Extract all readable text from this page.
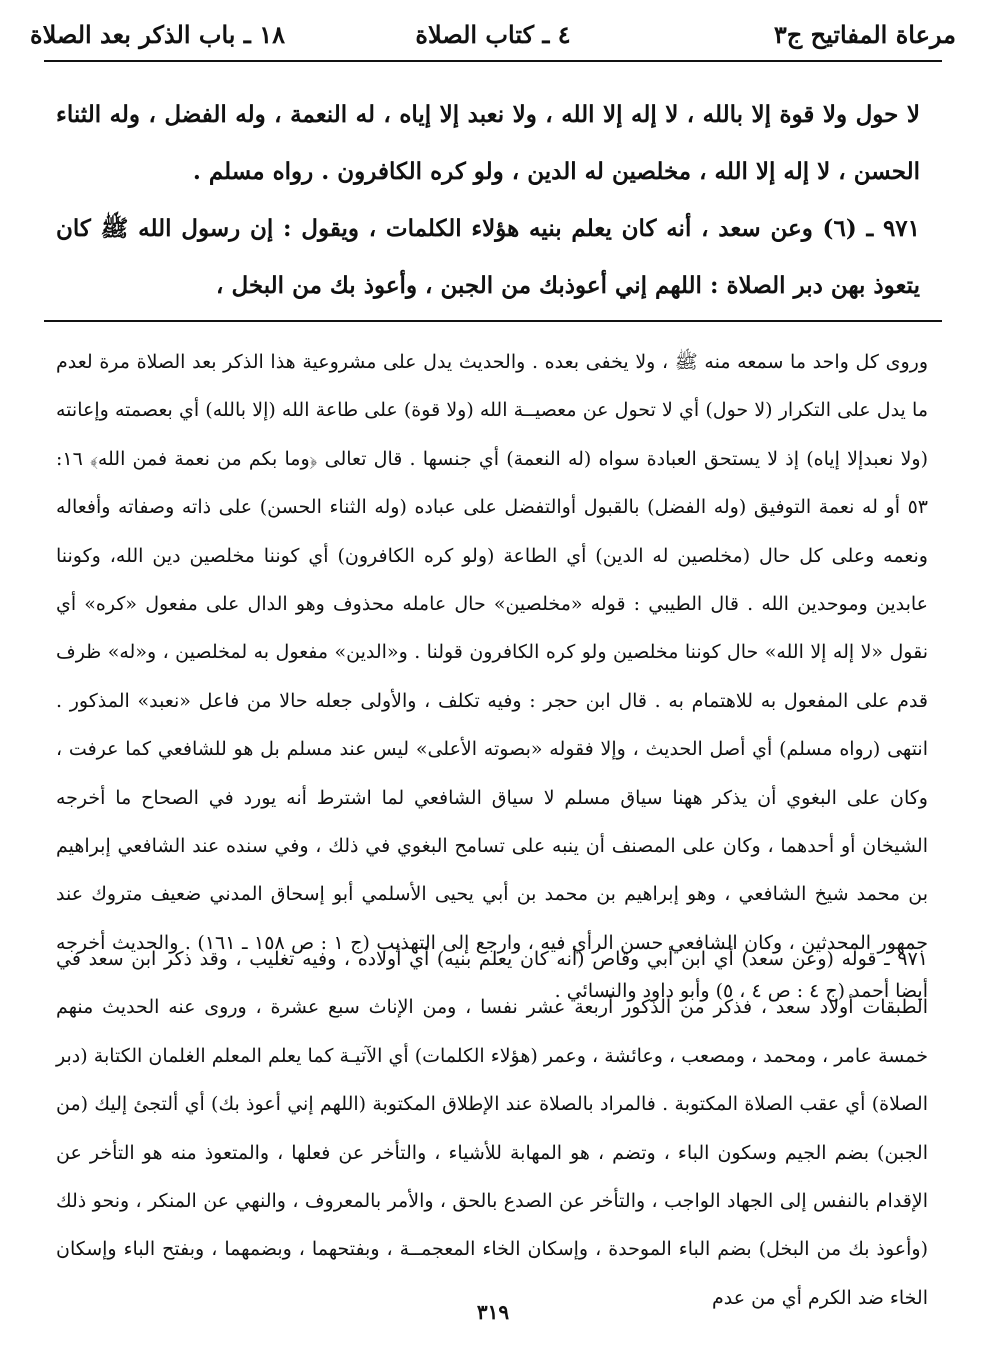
مرعاة المفاتيح ج٣
٤ ـ كتاب الصلاة
١٨ ـ باب الذكر بعد الصلاة

لا حول ولا قوة إلا بالله ، لا إله إلا الله ، ولا نعبد إلا إياه ، له النعمة ، وله الفضل ، وله الثناء الحسن ، لا إله إلا الله ، مخلصين له الدين ، ولو كره الكافرون . رواه مسلم .

٩٧١ ـ (٦) وعن سعد ، أنه كان يعلم بنيه هؤلاء الكلمات ، ويقول : إن رسول الله ﷺ كان يتعوذ بهن دبر الصلاة : اللهم إني أعوذبك من الجبن ، وأعوذ بك من البخل ،

وروى كل واحد ما سمعه منه ﷺ ، ولا يخفى بعده . والحديث يدل على مشروعية هذا الذكر بعد الصلاة مرة لعدم ما يدل على التكرار (لا حول) أي لا تحول عن معصيــة الله (ولا قوة) على طاعة الله (إلا بالله) أي بعصمته وإعانته (ولا نعبدإلا إياه) إذ لا يستحق العبادة سواه (له النعمة) أي جنسها . قال تعالى ﴿وما بكم من نعمة فمن الله﴾ ١٦: ٥٣ أو له نعمة التوفيق (وله الفضل) بالقبول أوالتفضل على عباده (وله الثناء الحسن) على ذاته وصفاته وأفعاله ونعمه وعلى كل حال (مخلصين له الدين) أي الطاعة (ولو كره الكافرون) أي كوننا مخلصين دين الله، وكوننا عابدين وموحدين الله . قال الطيبي : قوله «مخلصين» حال عامله محذوف وهو الدال على مفعول «كره» أي نقول «لا إله إلا الله» حال كوننا مخلصين ولو كره الكافرون قولنا . و«الدين» مفعول به لمخلصين ، و«له» ظرف قدم على المفعول به للاهتمام به . قال ابن حجر : وفيه تكلف ، والأولى جعله حالا من فاعل «نعبد» المذكور . انتهى (رواه مسلم) أي أصل الحديث ، وإلا فقوله «بصوته الأعلى» ليس عند مسلم بل هو للشافعي كما عرفت ، وكان على البغوي أن يذكر ههنا سياق مسلم لا سياق الشافعي لما اشترط أنه يورد في الصحاح ما أخرجه الشيخان أو أحدهما ، وكان على المصنف أن ينبه على تسامح البغوي في ذلك ، وفي سنده عند الشافعي إبراهيم بن محمد شيخ الشافعي ، وهو إبراهيم بن محمد بن أبي يحيى الأسلمي أبو إسحاق المدني ضعيف متروك عند جمهور المحدثين ، وكان الشافعي حسن الرأي فيه ، وارجع إلى التهذيب (ج ١ : ص ١٥٨ ـ ١٦١) . والحديث أخرجه أيضا أحمد (ج ٤ : ص ٤ ، ٥) وأبو داود والنسائي .

٩٧١ ـ قوله (وعن سعد) أي ابن أبي وقاص (أنه كان يعلم بنيه) أي أولاده ، وفيه تغليب ، وقد ذكر ابن سعد في الطبقات أولاد سعد ، فذكر من الذكور أربعة عشر نفسا ، ومن الإناث سبع عشرة ، وروى عنه الحديث منهم خمسة عامر ، ومحمد ، ومصعب ، وعائشة ، وعمر (هؤلاء الكلمات) أي الآتيـة كما يعلم المعلم الغلمان الكتابة (دبر الصلاة) أي عقب الصلاة المكتوبة . فالمراد بالصلاة عند الإطلاق المكتوبة (اللهم إني أعوذ بك) أي ألتجئ إليك (من الجبن) بضم الجيم وسكون الباء ، وتضم ، هو المهابة للأشياء ، والتأخر عن فعلها ، والمتعوذ منه هو التأخر عن الإقدام بالنفس إلى الجهاد الواجب ، والتأخر عن الصدع بالحق ، والأمر بالمعروف ، والنهي عن المنكر ، ونحو ذلك (وأعوذ بك من البخل) بضم الباء الموحدة ، وإسكان الخاء المعجمــة ، وبفتحهما ، وبضمهما ، وبفتح الباء وإسكان الخاء ضد الكرم أي من عدم

٣١٩
